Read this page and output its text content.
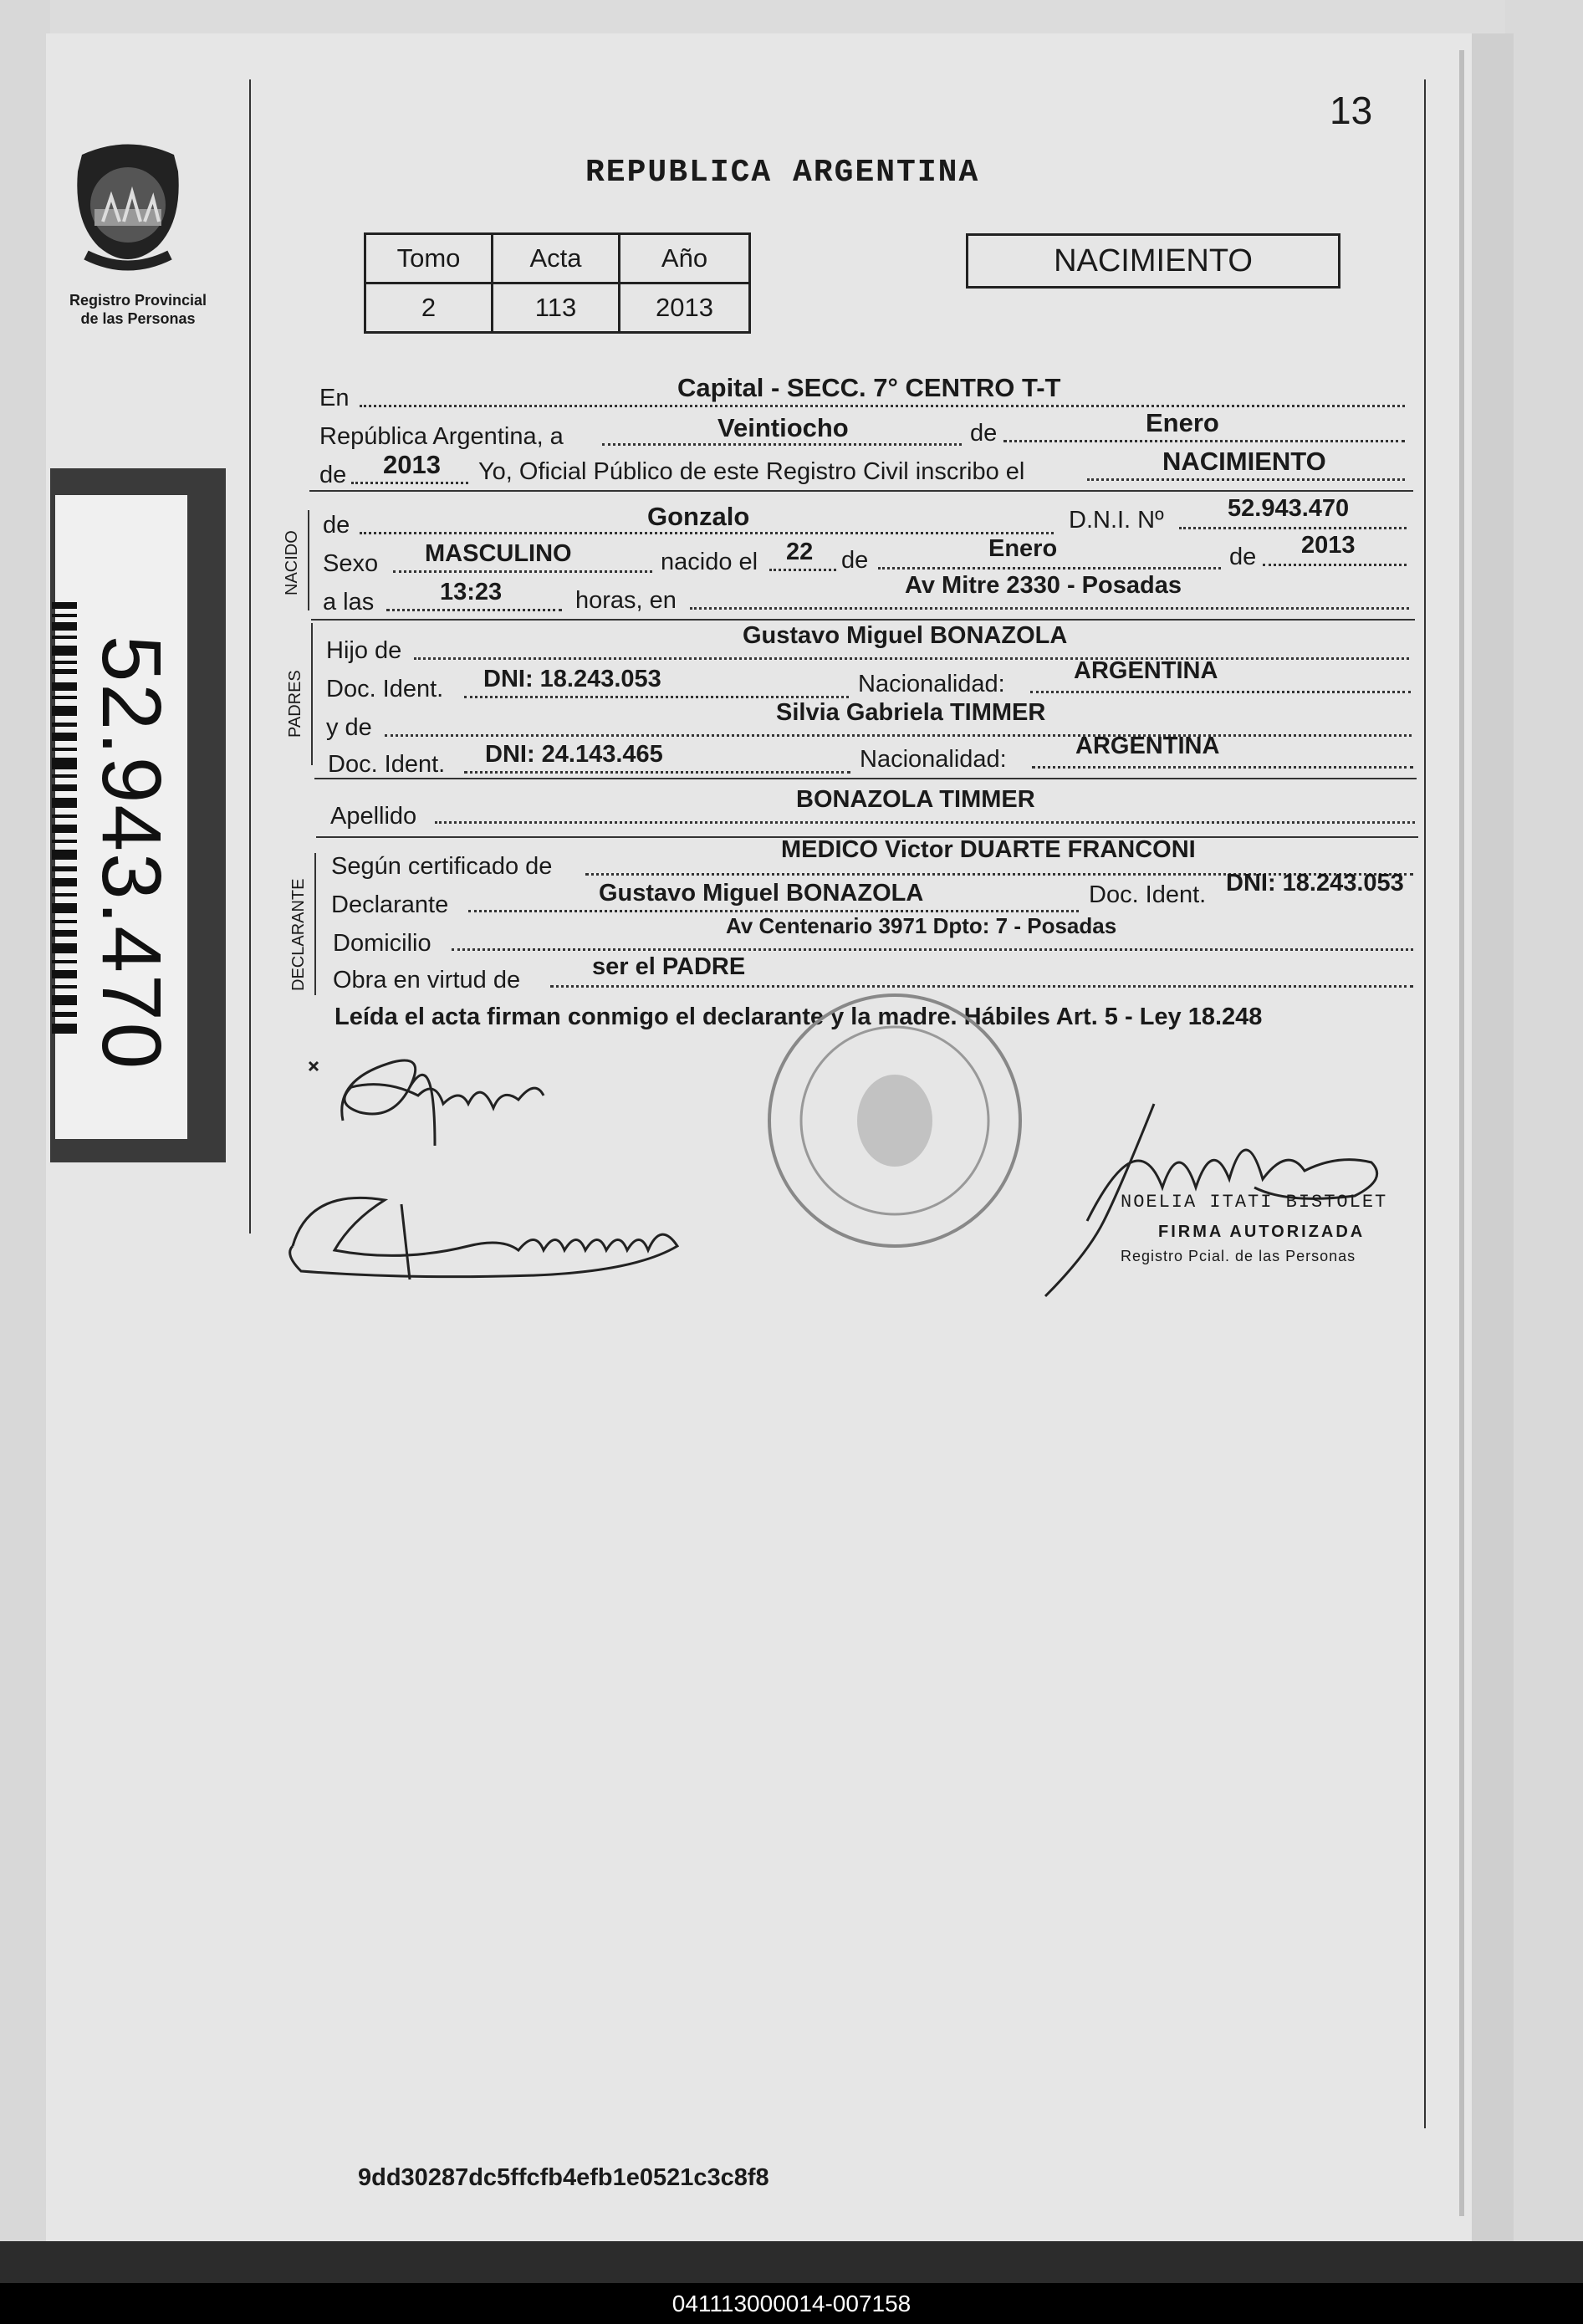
Registro Provincial
de las Personas
52.943.470
13
REPUBLICA ARGENTINA
Tomo	Acta	Año
2	113	2013
NACIMIENTO
En	Capital - SECC. 7° CENTRO T-T
República Argentina, a	Veintiocho	de	Enero
de 2013 Yo, Oficial Público de este Registro Civil inscribo el	NACIMIENTO
NACIDO
de	Gonzalo	D.N.I. Nº	52.943.470
Sexo MASCULINO	nacido el 22 de	Enero	de 2013
a las	13:23	horas, en
Av Mitre 2330 - Posadas
PADRES
Hijo de
Gustavo Miguel BONAZOLA
Doc. Ident. DNI: 18.243.053	Nacionalidad:	ARGENTINA
y de
Silvia Gabriela TIMMER
Doc. Ident. DNI: 24.143.465	Nacionalidad:	ARGENTINA
Apellido
BONAZOLA TIMMER
DECLARANTE
Según certificado de
MEDICO Victor DUARTE FRANCONI
Declarante	Gustavo Miguel BONAZOLA	Doc. Ident. DNI: 18.243.053
Domicilio
Av Centenario 3971 Dpto: 7 - Posadas
Obra en virtud de	ser el PADRE
Leída el acta firman conmigo el declarante y la madre. Hábiles Art. 5 - Ley 18.248
NOELIA ITATI BISTOLET
FIRMA AUTORIZADA
Registro Pcial. de las Personas
9dd30287dc5ffcfb4efb1e0521c3c8f8
041113000014-007158
